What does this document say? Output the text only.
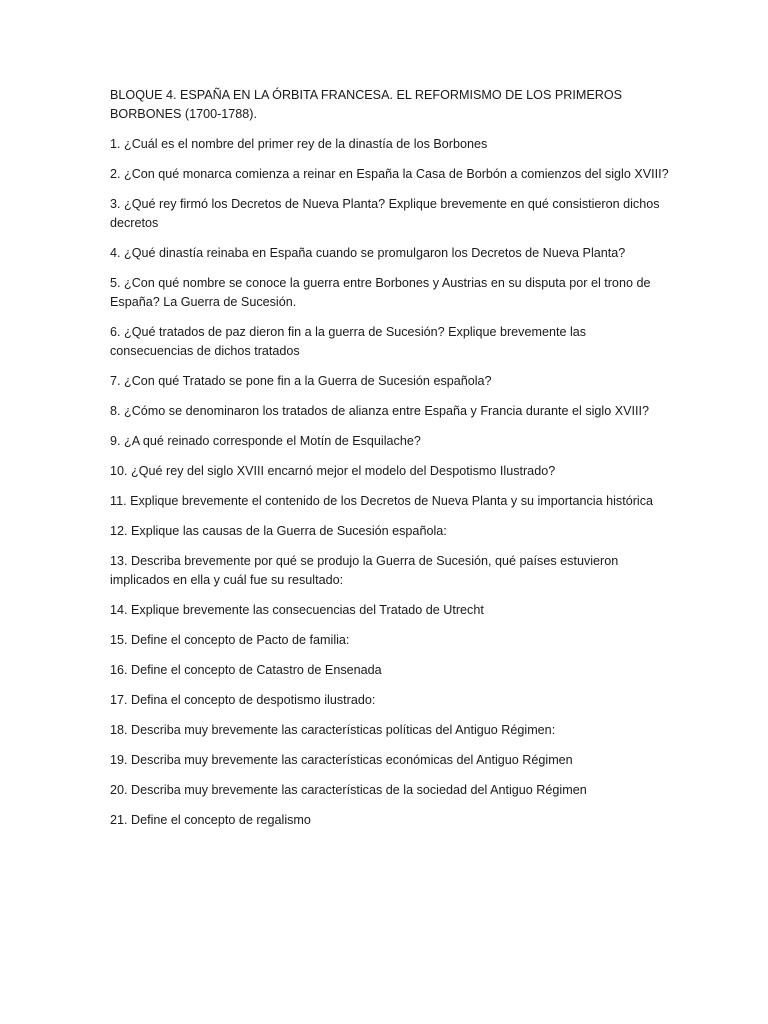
BLOQUE 4. ESPAÑA EN LA ÓRBITA FRANCESA. EL REFORMISMO DE LOS PRIMEROS BORBONES (1700-1788).

1. ¿Cuál es el nombre del primer rey de la dinastía de los Borbones

2. ¿Con qué monarca comienza a reinar en España la Casa de Borbón a comienzos del siglo XVIII?

3. ¿Qué rey firmó los Decretos de Nueva Planta? Explique brevemente en qué consistieron dichos decretos

4. ¿Qué dinastía reinaba en España cuando se promulgaron los Decretos de Nueva Planta?

5. ¿Con qué nombre se conoce la guerra entre Borbones y Austrias en su disputa por el trono de España? La Guerra de Sucesión.

6. ¿Qué tratados de paz dieron fin a la guerra de Sucesión? Explique brevemente las consecuencias de dichos tratados

7. ¿Con qué Tratado se pone fin a la Guerra de Sucesión española?

8. ¿Cómo se denominaron los tratados de alianza entre España y Francia durante el siglo XVIII?

9. ¿A qué reinado corresponde el Motín de Esquilache?

10. ¿Qué rey del siglo XVIII encarnó mejor el modelo del Despotismo Ilustrado?

11. Explique brevemente el contenido de los Decretos de Nueva Planta y su importancia histórica

12. Explique las causas de la Guerra de Sucesión española:

13. Describa brevemente por qué se produjo la Guerra de Sucesión, qué países estuvieron implicados en ella y cuál fue su resultado:

14. Explique brevemente las consecuencias del Tratado de Utrecht

15. Define el concepto de Pacto de familia:

16. Define el concepto de Catastro de Ensenada

17. Defina el concepto de despotismo ilustrado:

18. Describa muy brevemente las características políticas del Antiguo Régimen:

19. Describa muy brevemente las características económicas del Antiguo Régimen

20. Describa muy brevemente las características de la sociedad del Antiguo Régimen

21. Define el concepto de regalismo
